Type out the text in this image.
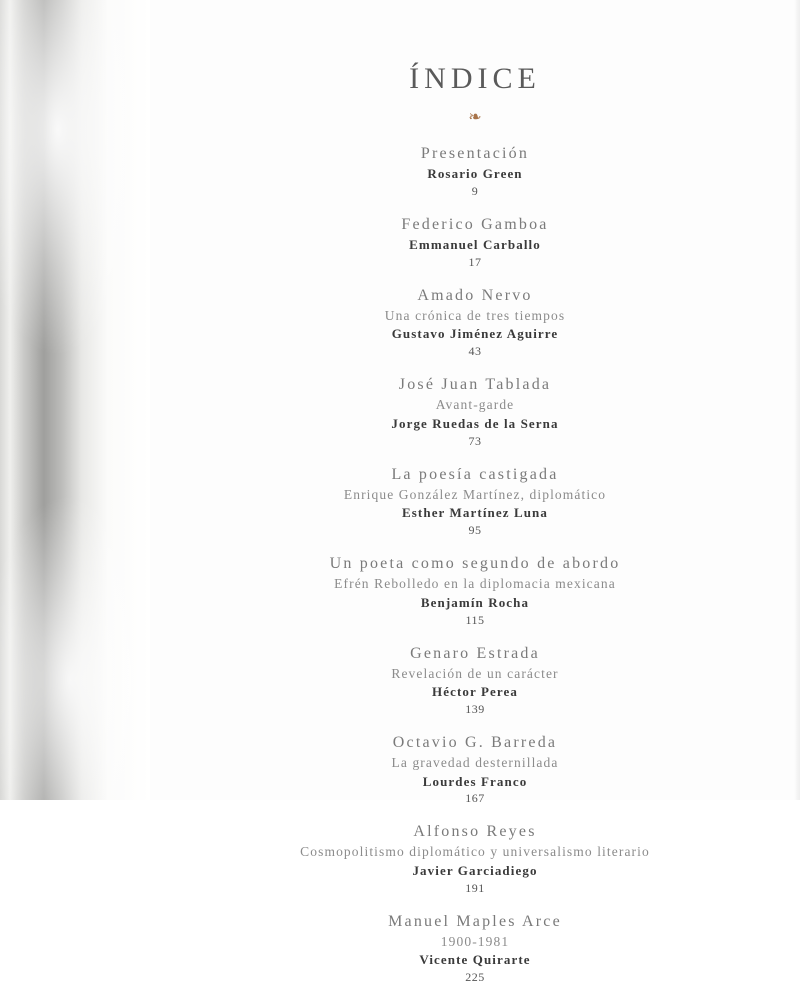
ÍNDICE
❧
Presentación
Rosario Green
9
Federico Gamboa
Emmanuel Carballo
17
Amado Nervo
Una crónica de tres tiempos
Gustavo Jiménez Aguirre
43
José Juan Tablada
Avant-garde
Jorge Ruedas de la Serna
73
La poesía castigada
Enrique González Martínez, diplomático
Esther Martínez Luna
95
Un poeta como segundo de abordo
Efrén Rebolledo en la diplomacia mexicana
Benjamín Rocha
115
Genaro Estrada
Revelación de un carácter
Héctor Perea
139
Octavio G. Barreda
La gravedad desternillada
Lourdes Franco
167
Alfonso Reyes
Cosmopolitismo diplomático y universalismo literario
Javier Garciadiego
191
Manuel Maples Arce
1900-1981
Vicente Quirarte
225
